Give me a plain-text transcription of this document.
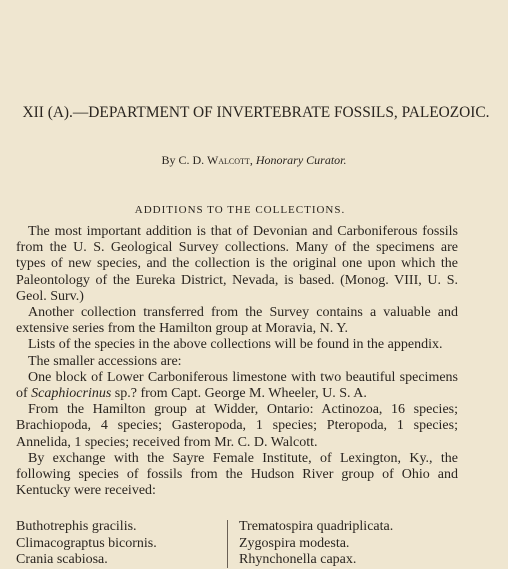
XII (A).—DEPARTMENT OF INVERTEBRATE FOSSILS, PALEOZOIC.
By C. D. Walcott, Honorary Curator.
ADDITIONS TO THE COLLECTIONS.

The most important addition is that of Devonian and Carboniferous fossils from the U. S. Geological Survey collections. Many of the specimens are types of new species, and the collection is the original one upon which the Paleontology of the Eureka District, Nevada, is based. (Monog. VIII, U. S. Geol. Surv.)

Another collection transferred from the Survey contains a valuable and extensive series from the Hamilton group at Moravia, N. Y.

Lists of the species in the above collections will be found in the appendix.

The smaller accessions are:

One block of Lower Carboniferous limestone with two beautiful specimens of Scaphiocrinus sp.? from Capt. George M. Wheeler, U. S. A.

From the Hamilton group at Widder, Ontario: Actinozoa, 16 species; Brachiopoda, 4 species; Gasteropoda, 1 species; Pteropoda, 1 species; Annelida, 1 species; received from Mr. C. D. Walcott.

By exchange with the Sayre Female Institute, of Lexington, Ky., the following species of fossils from the Hudson River group of Ohio and Kentucky were received:

Buthotrephis gracilis.
Climacograptus bicornis.
Crania scabiosa.
Trematospira quadriplicata.
Zygospira modesta.
Rhynchonella capax.
